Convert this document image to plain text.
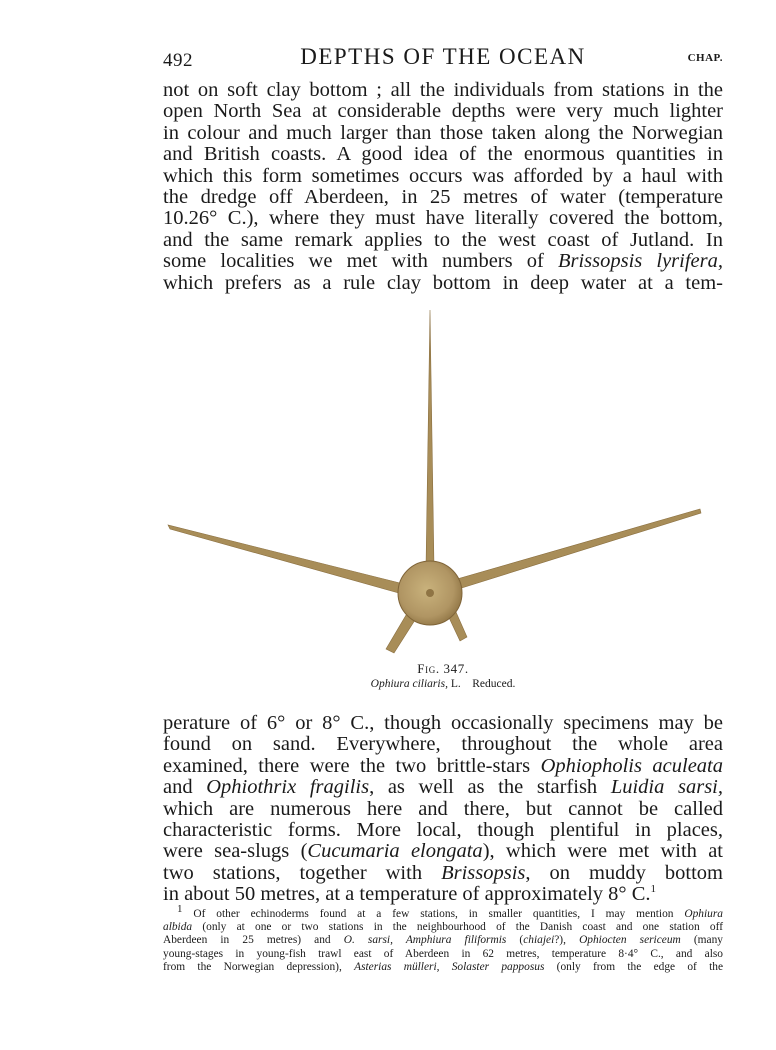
492	DEPTHS OF THE OCEAN	CHAP.
not on soft clay bottom ; all the individuals from stations in the
open North Sea at considerable depths were very much lighter
in colour and much larger than those taken along the Norwegian
and British coasts. A good idea of the enormous quantities in
which this form sometimes occurs was afforded by a haul with
the dredge off Aberdeen, in 25 metres of water (temperature
10.26° C.), where they must have literally covered the bottom,
and the same remark applies to the west coast of Jutland. In
some localities we met with numbers of Brissopsis lyrifera,
which prefers as a rule clay bottom in deep water at a tem-
Fig. 347.
Ophiura ciliaris, L. Reduced.
perature of 6° or 8° C., though occasionally specimens may be
found on sand. Everywhere, throughout the whole area
examined, there were the two brittle-stars Ophiopholis aculeata
and Ophiothrix fragilis, as well as the starfish Luidia sarsi,
which are numerous here and there, but cannot be called
characteristic forms. More local, though plentiful in places,
were sea-slugs (Cucumaria elongata), which were met with at
two stations, together with Brissopsis, on muddy bottom
in about 50 metres, at a temperature of approximately 8° C.$^1$
$^1$ Of other echinoderms found at a few stations, in smaller quantities, I may mention Ophiura
albida (only at one or two stations in the neighbourhood of the Danish coast and one station off
Aberdeen in 25 metres) and O. sarsi, Amphiura filiformis (chiajei?), Ophiocten sericeum (many
young-stages in young-fish trawl east of Aberdeen in 62 metres, temperature 8·4° C., and also
from the Norwegian depression), Asterias mülleri, Solaster papposus (only from the edge of the
